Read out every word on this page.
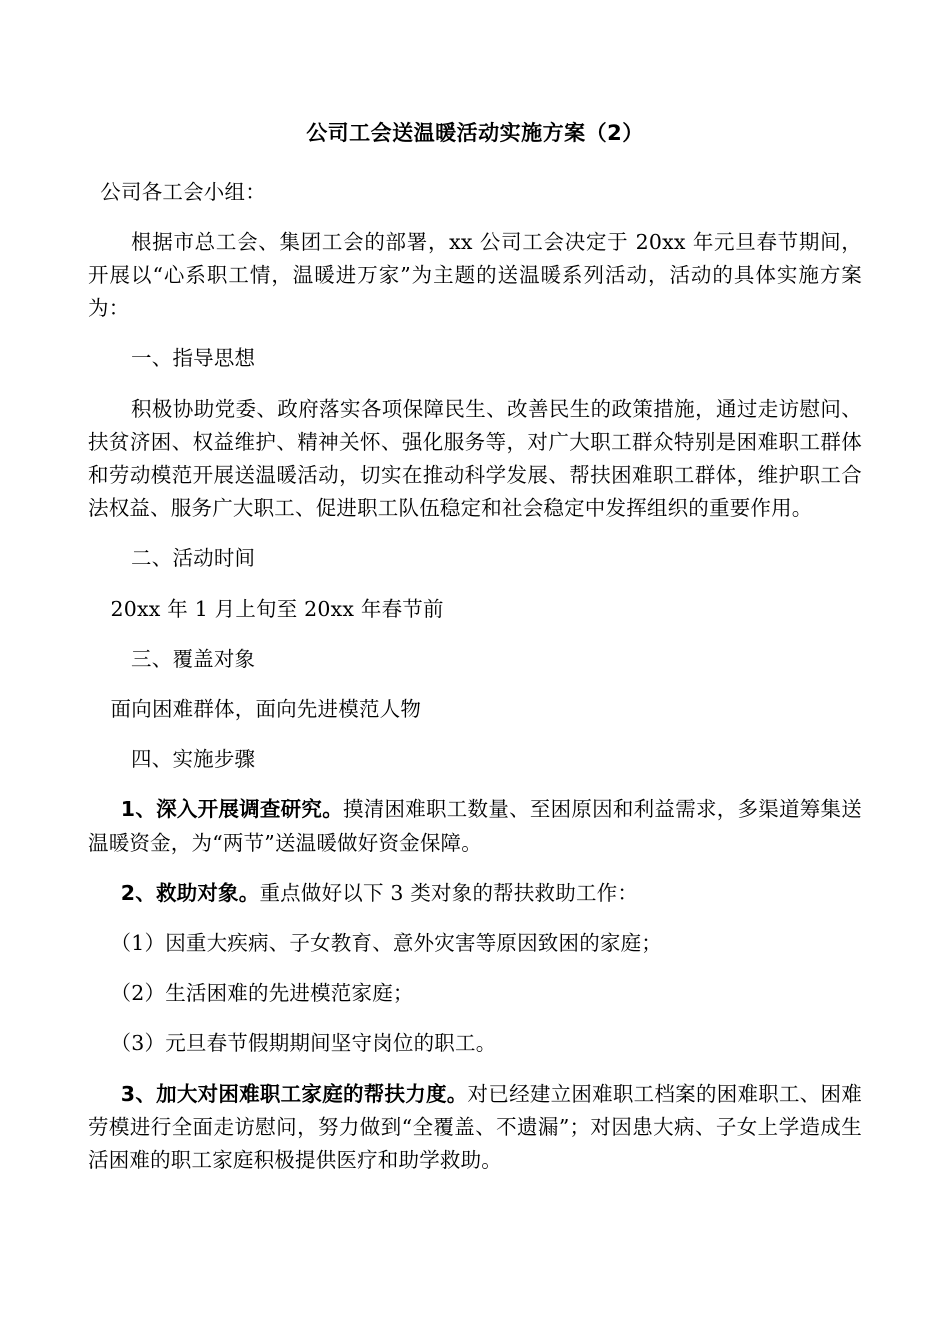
公司工会送温暖活动实施方案（2）

公司各工会小组：

根据市总工会、集团工会的部署，xx 公司工会决定于 20xx 年元旦春节期间，开展以“心系职工情，温暖进万家”为主题的送温暖系列活动，活动的具体实施方案为：

一、指导思想

积极协助党委、政府落实各项保障民生、改善民生的政策措施，通过走访慰问、扶贫济困、权益维护、精神关怀、强化服务等，对广大职工群众特别是困难职工群体和劳动模范开展送温暖活动，切实在推动科学发展、帮扶困难职工群体，维护职工合法权益、服务广大职工、促进职工队伍稳定和社会稳定中发挥组织的重要作用。

二、活动时间

20xx 年 1 月上旬至 20xx 年春节前

三、覆盖对象

面向困难群体，面向先进模范人物

四、实施步骤

1、深入开展调查研究。摸清困难职工数量、至困原因和利益需求，多渠道筹集送温暖资金，为“两节”送温暖做好资金保障。

2、救助对象。重点做好以下 3 类对象的帮扶救助工作：

（1）因重大疾病、子女教育、意外灾害等原因致困的家庭；

（2）生活困难的先进模范家庭；

（3）元旦春节假期期间坚守岗位的职工。

3、加大对困难职工家庭的帮扶力度。对已经建立困难职工档案的困难职工、困难劳模进行全面走访慰问，努力做到“全覆盖、不遗漏”；对因患大病、子女上学造成生活困难的职工家庭积极提供医疗和助学救助。
